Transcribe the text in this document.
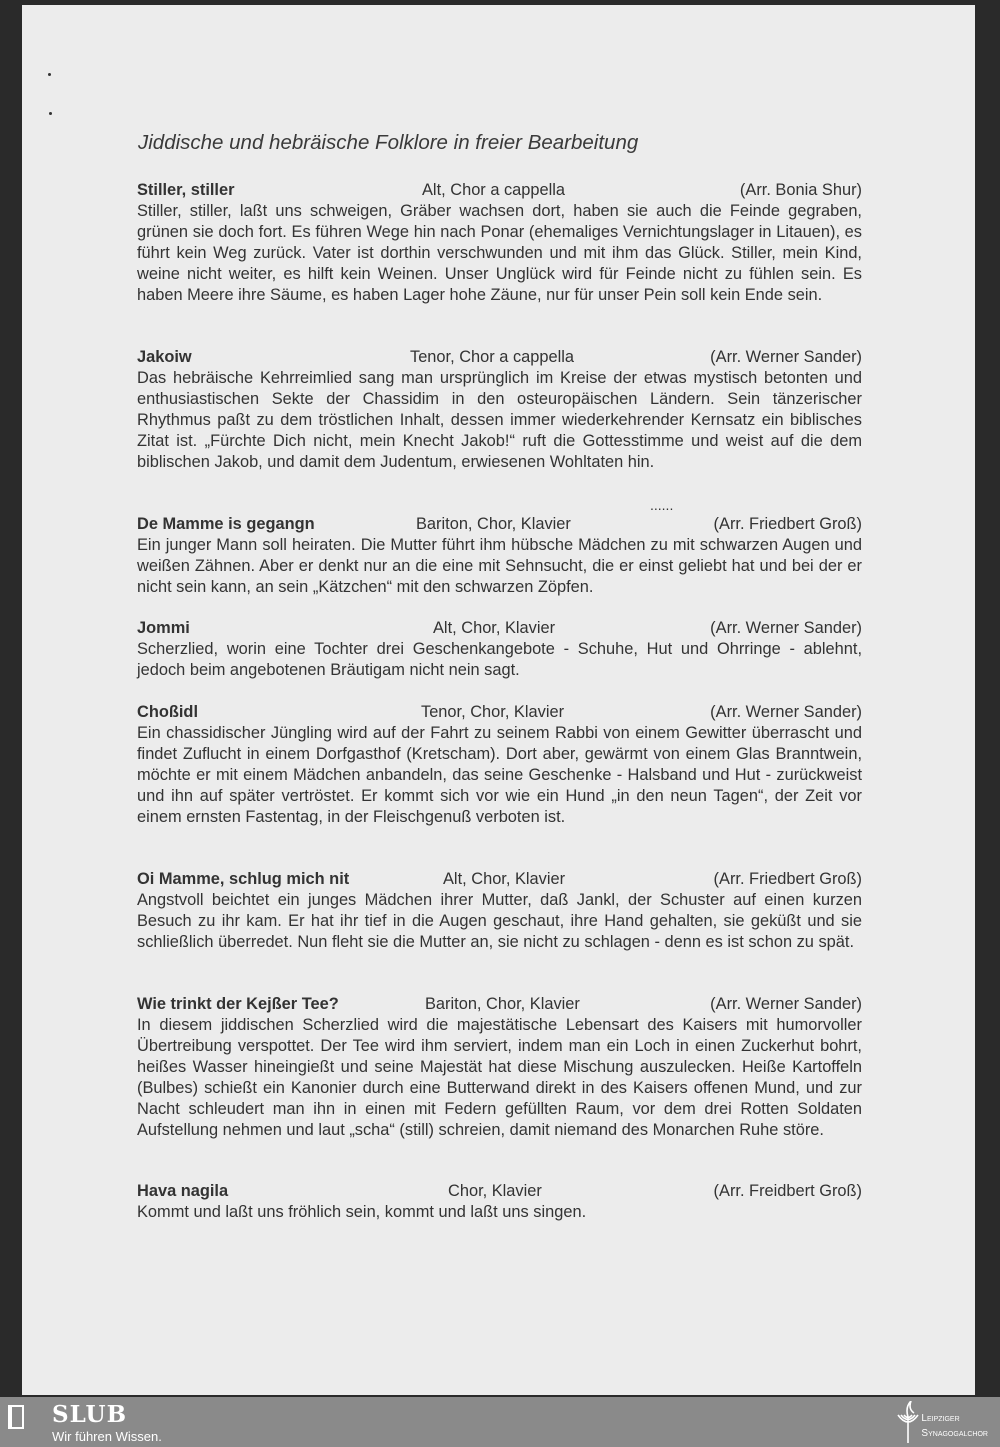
Jiddische und hebräische Folklore in freier Bearbeitung
Stiller, stiller	Alt, Chor a cappella	(Arr. Bonia Shur)
Stiller, stiller, laßt uns schweigen, Gräber wachsen dort, haben sie auch die Feinde gegraben, grünen sie doch fort. Es führen Wege hin nach Ponar (ehemaliges Vernichtungslager in Litauen), es führt kein Weg zurück. Vater ist dorthin verschwunden und mit ihm das Glück. Stiller, mein Kind, weine nicht weiter, es hilft kein Weinen. Unser Unglück wird für Feinde nicht zu fühlen sein. Es haben Meere ihre Säume, es haben Lager hohe Zäune, nur für unser Pein soll kein Ende sein.
Jakoiw	Tenor, Chor a cappella	(Arr. Werner Sander)
Das hebräische Kehrreimlied sang man ursprünglich im Kreise der etwas mystisch betonten und enthusiastischen Sekte der Chassidim in den osteuropäischen Ländern. Sein tänzerischer Rhythmus paßt zu dem tröstlichen Inhalt, dessen immer wiederkehrender Kernsatz ein biblisches Zitat ist. „Fürchte Dich nicht, mein Knecht Jakob!“ ruft die Gottesstimme und weist auf die dem biblischen Jakob, und damit dem Judentum, erwiesenen Wohltaten hin.
......
De Mamme is gegangn	Bariton, Chor, Klavier	(Arr. Friedbert Groß)
Ein junger Mann soll heiraten. Die Mutter führt ihm hübsche Mädchen zu mit schwarzen Augen und weißen Zähnen. Aber er denkt nur an die eine mit Sehnsucht, die er einst geliebt hat und bei der er nicht sein kann, an sein „Kätzchen“ mit den schwarzen Zöpfen.
Jommi	Alt, Chor, Klavier	(Arr. Werner Sander)
Scherzlied, worin eine Tochter drei Geschenkangebote - Schuhe, Hut und Ohrringe - ablehnt, jedoch beim angebotenen Bräutigam nicht nein sagt.
Choßidl	Tenor, Chor, Klavier	(Arr. Werner Sander)
Ein chassidischer Jüngling wird auf der Fahrt zu seinem Rabbi von einem Gewitter überrascht und findet Zuflucht in einem Dorfgasthof (Kretscham). Dort aber, gewärmt von einem Glas Branntwein, möchte er mit einem Mädchen anbandeln, das seine Geschenke - Halsband und Hut - zurückweist und ihn auf später vertröstet. Er kommt sich vor wie ein Hund „in den neun Tagen“, der Zeit vor einem ernsten Fastentag, in der Fleischgenuß verboten ist.
Oi Mamme, schlug mich nit	Alt, Chor, Klavier	(Arr. Friedbert Groß)
Angstvoll beichtet ein junges Mädchen ihrer Mutter, daß Jankl, der Schuster auf einen kurzen Besuch zu ihr kam. Er hat ihr tief in die Augen geschaut, ihre Hand gehalten, sie geküßt und sie schließlich überredet. Nun fleht sie die Mutter an, sie nicht zu schlagen - denn es ist schon zu spät.
Wie trinkt der Kejßer Tee?	Bariton, Chor, Klavier	(Arr. Werner Sander)
In diesem jiddischen Scherzlied wird die majestätische Lebensart des Kaisers mit humorvoller Übertreibung verspottet. Der Tee wird ihm serviert, indem man ein Loch in einen Zuckerhut bohrt, heißes Wasser hineingießt und seine Majestät hat diese Mischung auszulecken. Heiße Kartoffeln (Bulbes) schießt ein Kanonier durch eine Butterwand direkt in des Kaisers offenen Mund, und zur Nacht schleudert man ihn in einen mit Federn gefüllten Raum, vor dem drei Rotten Soldaten Aufstellung nehmen und laut „scha“ (still) schreien, damit niemand des Monarchen Ruhe störe.
Hava nagila	Chor, Klavier	(Arr. Freidbert Groß)
Kommt und laßt uns fröhlich sein, kommt und laßt uns singen.
SLUB
Wir führen Wissen.
Leipziger
Synagogalchor
